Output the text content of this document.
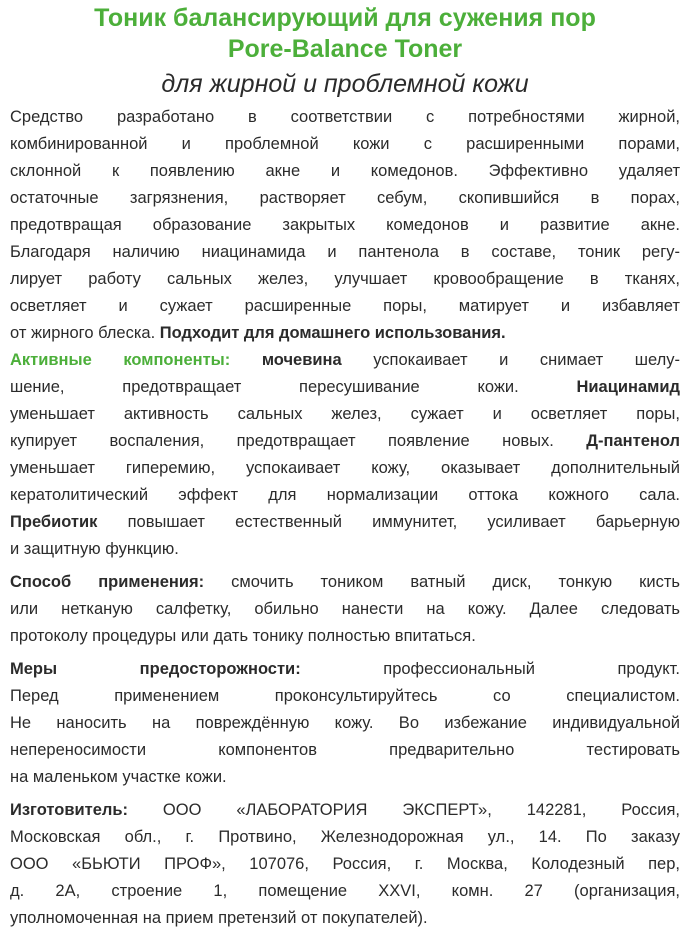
Тоник балансирующий для сужения пор
Pore-Balance Toner
для жирной и проблемной кожи
Средство разработано в соответствии с потребностями жирной,
комбинированной и проблемной кожи с расширенными порами,
склонной к появлению акне и комедонов. Эффективно удаляет
остаточные загрязнения, растворяет себум, скопившийся в порах,
предотвращая образование закрытых комедонов и развитие акне.
Благодаря наличию ниацинамида и пантенола в составе, тоник регу-
лирует работу сальных желез, улучшает кровообращение в тканях,
осветляет и сужает расширенные поры, матирует и избавляет
от жирного блеска. Подходит для домашнего использования.
Активные компоненты: мочевина успокаивает и снимает шелу-
шение, предотвращает пересушивание кожи. Ниацинамид
уменьшает активность сальных желез, сужает и осветляет поры,
купирует воспаления, предотвращает появление новых. Д-пантенол
уменьшает гиперемию, успокаивает кожу, оказывает дополнительный
кератолитический эффект для нормализации оттока кожного сала.
Пребиотик повышает естественный иммунитет, усиливает барьерную
и защитную функцию.
Способ применения: смочить тоником ватный диск, тонкую кисть
или нетканую салфетку, обильно нанести на кожу. Далее следовать
протоколу процедуры или дать тонику полностью впитаться.
Меры предосторожности: профессиональный продукт.
Перед применением проконсультируйтесь со специалистом.
Не наносить на повреждённую кожу. Во избежание индивидуальной
непереносимости компонентов предварительно тестировать
на маленьком участке кожи.
Изготовитель: ООО «ЛАБОРАТОРИЯ ЭКСПЕРТ», 142281, Россия,
Московская обл., г. Протвино, Железнодорожная ул., 14. По заказу
ООО «БЬЮТИ ПРОФ», 107076, Россия, г. Москва, Колодезный пер,
д. 2А, строение 1, помещение XXVI, комн. 27 (организация,
уполномоченная на прием претензий от покупателей).
